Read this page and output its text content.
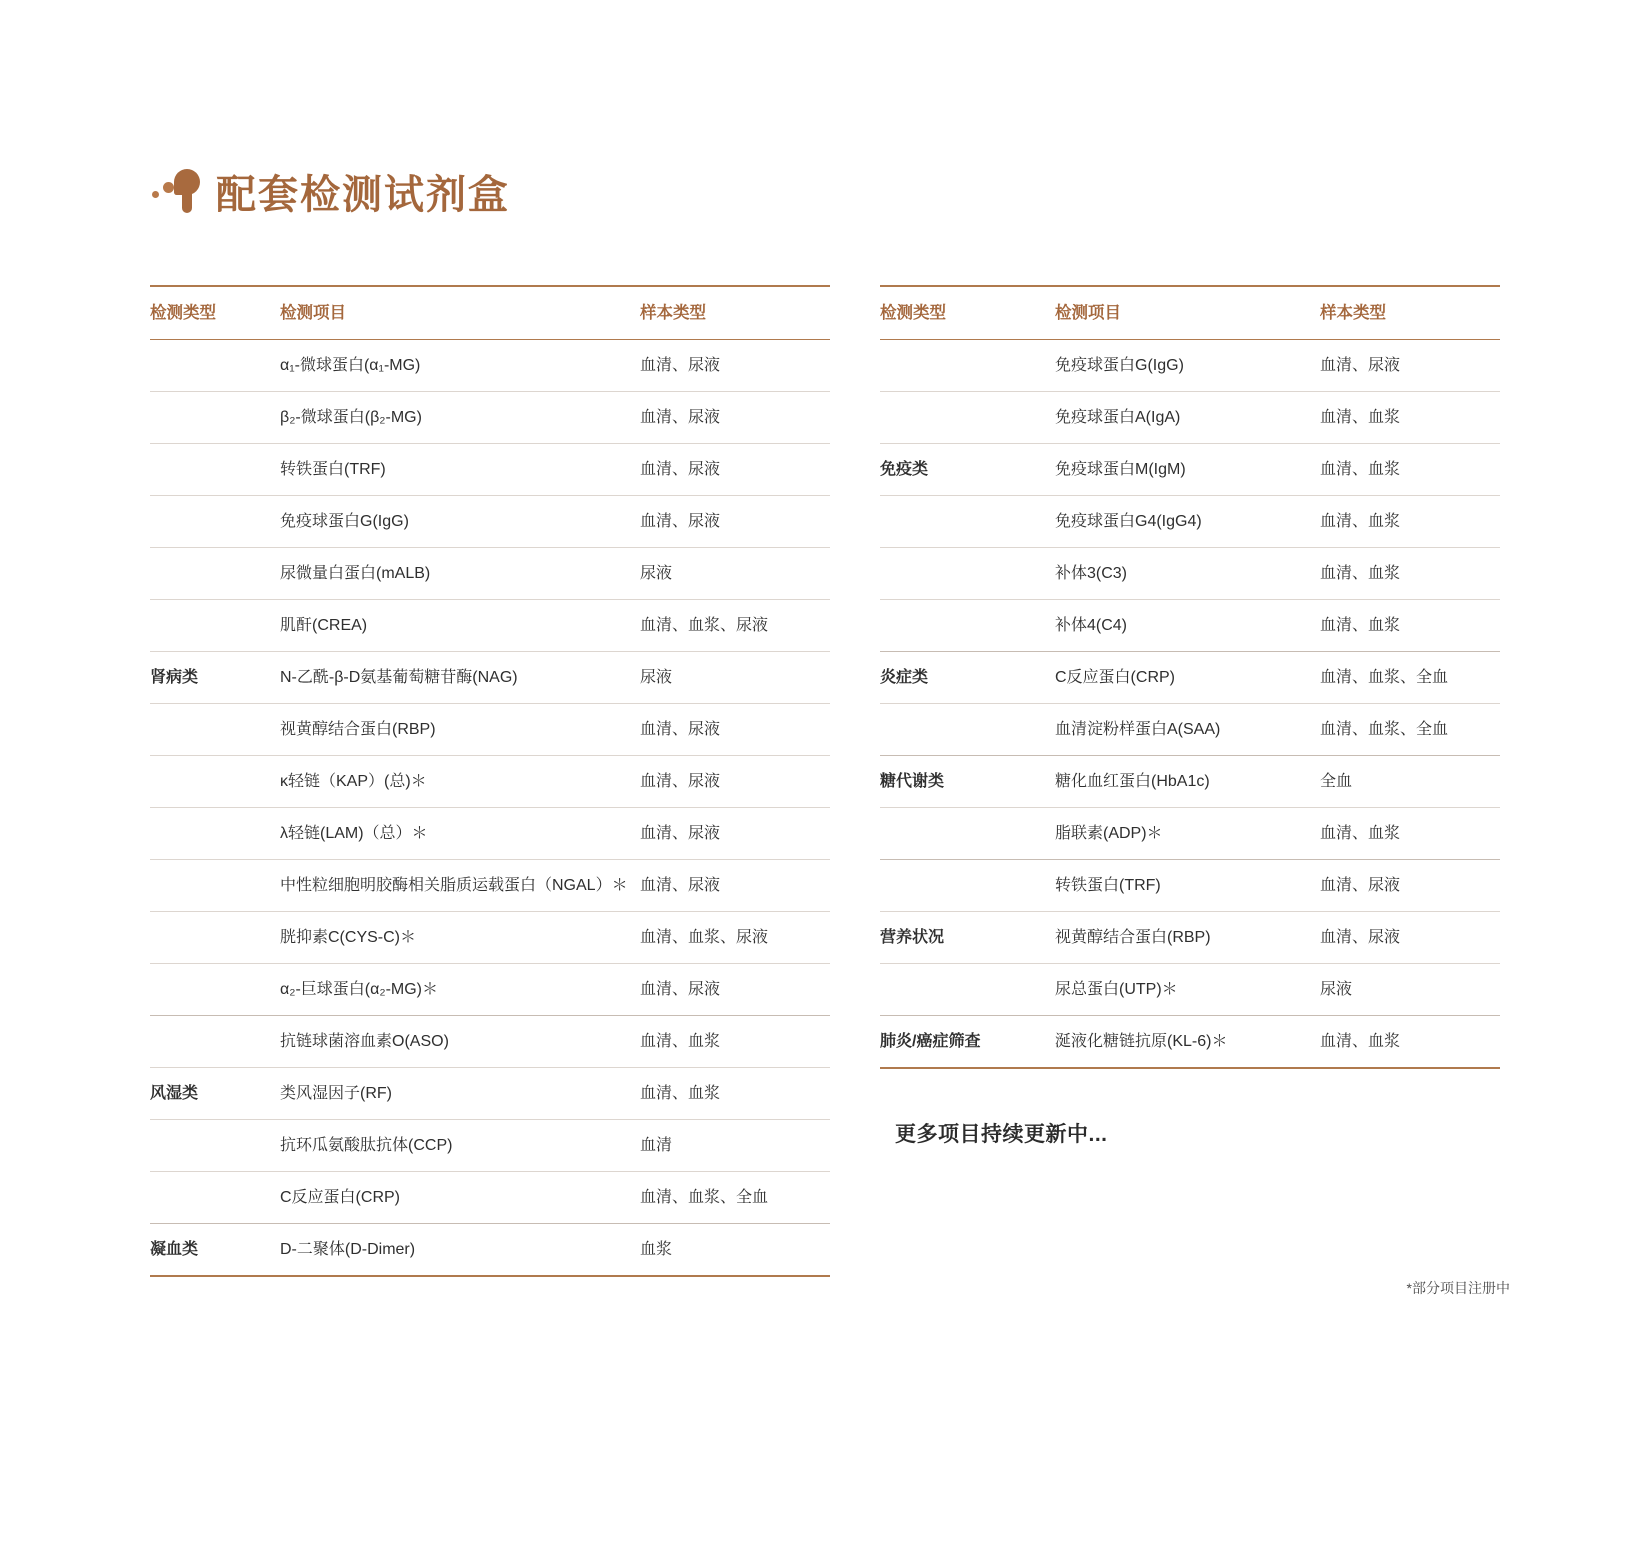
配套检测试剂盒
检测类型	检测项目	样本类型
	α₁-微球蛋白(α₁-MG)	血清、尿液
	β₂-微球蛋白(β₂-MG)	血清、尿液
	转铁蛋白(TRF)	血清、尿液
	免疫球蛋白G(IgG)	血清、尿液
	尿微量白蛋白(mALB)	尿液
	肌酐(CREA)	血清、血浆、尿液
肾病类	N-乙酰-β-D氨基葡萄糖苷酶(NAG)	尿液
	视黄醇结合蛋白(RBP)	血清、尿液
	κ轻链（KAP）(总)＊	血清、尿液
	λ轻链(LAM)（总）＊	血清、尿液
	中性粒细胞明胶酶相关脂质运载蛋白（NGAL）＊	血清、尿液
	胱抑素C(CYS-C)＊	血清、血浆、尿液
	α₂-巨球蛋白(α₂-MG)＊	血清、尿液
	抗链球菌溶血素O(ASO)	血清、血浆
风湿类	类风湿因子(RF)	血清、血浆
	抗环瓜氨酸肽抗体(CCP)	血清
	C反应蛋白(CRP)	血清、血浆、全血
凝血类	D-二聚体(D-Dimer)	血浆
检测类型	检测项目	样本类型
	免疫球蛋白G(IgG)	血清、尿液
	免疫球蛋白A(IgA)	血清、血浆
免疫类	免疫球蛋白M(IgM)	血清、血浆
	免疫球蛋白G4(IgG4)	血清、血浆
	补体3(C3)	血清、血浆
	补体4(C4)	血清、血浆
炎症类	C反应蛋白(CRP)	血清、血浆、全血
	血清淀粉样蛋白A(SAA)	血清、血浆、全血
糖代谢类	糖化血红蛋白(HbA1c)	全血
	脂联素(ADP)＊	血清、血浆
	转铁蛋白(TRF)	血清、尿液
营养状况	视黄醇结合蛋白(RBP)	血清、尿液
	尿总蛋白(UTP)＊	尿液
肺炎/癌症筛查	涎液化糖链抗原(KL-6)＊	血清、血浆
更多项目持续更新中...
*部分项目注册中
